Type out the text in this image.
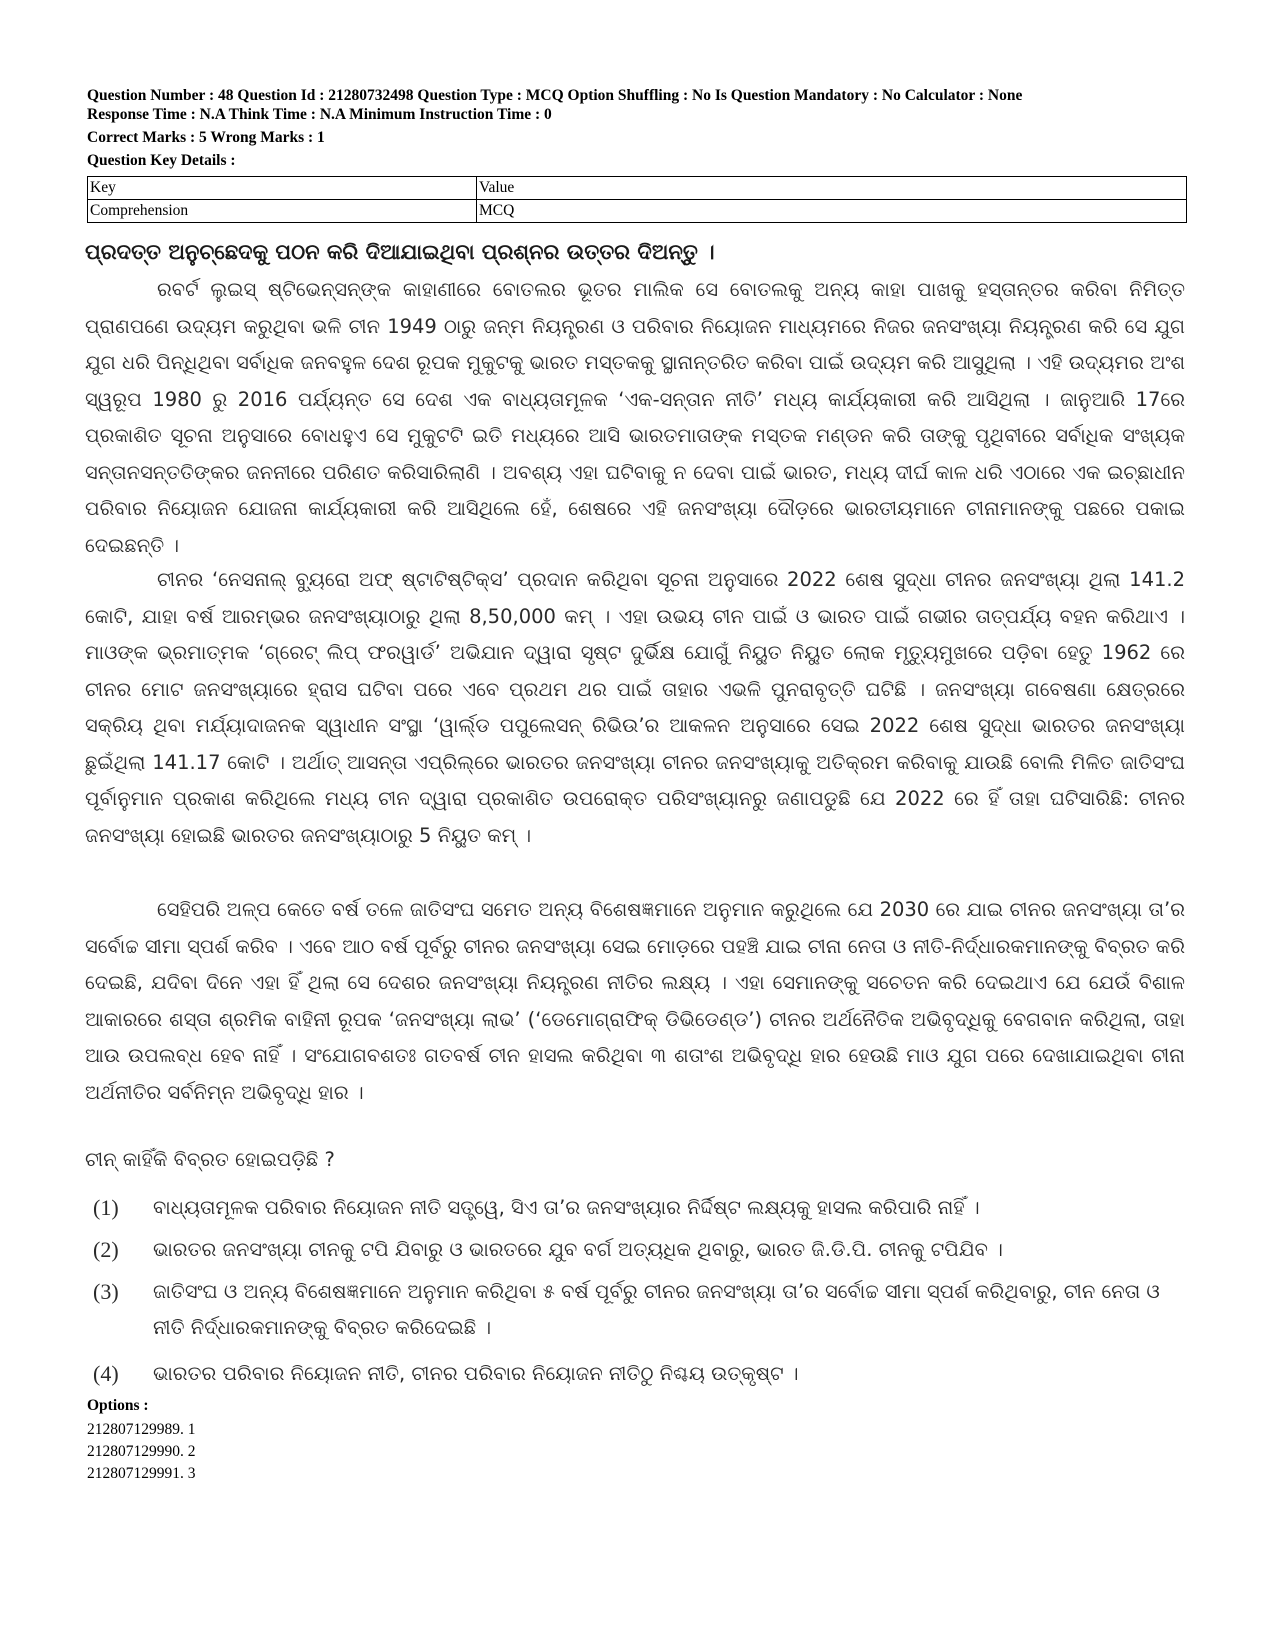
Question Number : 48 Question Id : 21280732498 Question Type : MCQ Option Shuffling : No Is Question Mandatory : No Calculator : None
Response Time : N.A Think Time : N.A Minimum Instruction Time : 0
Correct Marks : 5 Wrong Marks : 1
Question Key Details :
Key	Value
Comprehension	MCQ
ପ୍ରଦତ୍ତ ଅନୁଚ୍ଛେଦକୁ ପଠନ କରି ଦିଆଯାଇଥିବା ପ୍ରଶ୍ନର ଉତ୍ତର ଦିଅନ୍ତୁ ।
ରବର୍ଟ ଲୁଇସ୍ ଷ୍ଟିଭେନ୍‌ସନ୍‌ଙ୍କ କାହାଣୀରେ ବୋତଲର ଭୂତର ମାଲିକ ସେ ବୋତଲକୁ ଅନ୍ୟ କାହା ପାଖକୁ ହସ୍ତାନ୍ତର କରିବା ନିମିତ୍ତ ପ୍ରାଣପଣେ ଉଦ୍ୟମ କରୁଥିବା ଭଳି ଚୀନ 1949 ଠାରୁ ଜନ୍ମ ନିୟନ୍ତ୍ରଣ ଓ ପରିବାର ନିୟୋଜନ ମାଧ୍ୟମରେ ନିଜର ଜନସଂଖ୍ୟା ନିୟନ୍ତ୍ରଣ କରି ସେ ଯୁଗ ଯୁଗ ଧରି ପିନ୍ଧିଥିବା ସର୍ବାଧିକ ଜନବହୁଳ ଦେଶ ରୂପକ ମୁକୁଟକୁ ଭାରତ ମସ୍ତକକୁ ସ୍ଥାନାନ୍ତରିତ କରିବା ପାଇଁ ଉଦ୍ୟମ କରି ଆସୁଥିଲା । ଏହି ଉଦ୍ୟମର ଅଂଶ ସ୍ୱରୂପ 1980 ରୁ 2016 ପର୍ଯ୍ୟନ୍ତ ସେ ଦେଶ ଏକ ବାଧ୍ୟତାମୂଳକ ‘ଏକ-ସନ୍ତାନ ନୀତି’ ମଧ୍ୟ କାର୍ଯ୍ୟକାରୀ କରି ଆସିଥିଲା । ଜାନୁଆରି 17ରେ ପ୍ରକାଶିତ ସୂଚନା ଅନୁସାରେ ବୋଧହୁଏ ସେ ମୁକୁଟଟି ଇତି ମଧ୍ୟରେ ଆସି ଭାରତମାତାଙ୍କ ମସ୍ତକ ମଣ୍ଡନ କରି ତାଙ୍କୁ ପୃଥିବୀରେ ସର୍ବାଧିକ ସଂଖ୍ୟକ ସନ୍ତାନସନ୍ତତିଙ୍କର ଜନନୀରେ ପରିଣତ କରିସାରିଲାଣି । ଅବଶ୍ୟ ଏହା ଘଟିବାକୁ ନ ଦେବା ପାଇଁ ଭାରତ, ମଧ୍ୟ ଦୀର୍ଘ କାଳ ଧରି ଏଠାରେ ଏକ ଇଚ୍ଛାଧୀନ ପରିବାର ନିୟୋଜନ ଯୋଜନା କାର୍ଯ୍ୟକାରୀ କରି ଆସିଥିଲେ ହେଁ, ଶେଷରେ ଏହି ଜନସଂଖ୍ୟା ଦୌଡ଼ରେ ଭାରତୀୟମାନେ ଚୀନାମାନଙ୍କୁ ପଛରେ ପକାଇ ଦେଇଛନ୍ତି ।
ଚୀନର ‘ନେସନାଲ୍ ବ୍ୟୁରୋ ଅଫ୍ ଷ୍ଟାଟିଷ୍ଟିକ୍ସ’ ପ୍ରଦାନ କରିଥିବା ସୂଚନା ଅନୁସାରେ 2022 ଶେଷ ସୁଦ୍ଧା ଚୀନର ଜନସଂଖ୍ୟା ଥିଲା 141.2 କୋଟି, ଯାହା ବର୍ଷ ଆରମ୍ଭର ଜନସଂଖ୍ୟାଠାରୁ ଥିଲା 8,50,000 କମ୍ । ଏହା ଉଭୟ ଚୀନ ପାଇଁ ଓ ଭାରତ ପାଇଁ ଗଭୀର ତାତ୍ପର୍ଯ୍ୟ ବହନ କରିଥାଏ । ମାଓଙ୍କ ଭ୍ରମାତ୍ମକ ‘ଗ୍ରେଟ୍ ଲିପ୍ ଫରୱାର୍ଡ’ ଅଭିଯାନ ଦ୍ୱାରା ସୃଷ୍ଟ ଦୁର୍ଭିକ୍ଷ ଯୋଗୁଁ ନିୟୁତ ନିୟୁତ ଲୋକ ମୃତ୍ୟୁମୁଖରେ ପଡ଼ିବା ହେତୁ 1962 ରେ ଚୀନର ମୋଟ ଜନସଂଖ୍ୟାରେ ହ୍ରାସ ଘଟିବା ପରେ ଏବେ ପ୍ରଥମ ଥର ପାଇଁ ତାହାର ଏଭଳି ପୁନରାବୃତ୍ତି ଘଟିଛି । ଜନସଂଖ୍ୟା ଗବେଷଣା କ୍ଷେତ୍ରରେ ସକ୍ରିୟ ଥିବା ମର୍ଯ୍ୟାଦାଜନକ ସ୍ୱାଧୀନ ସଂସ୍ଥା ‘ୱାର୍ଲ୍ଡ ପପୁଲେସନ୍ ରିଭିଉ’ର ଆକଳନ ଅନୁସାରେ ସେଇ 2022 ଶେଷ ସୁଦ୍ଧା ଭାରତର ଜନସଂଖ୍ୟା ଛୁଇଁଥିଲା 141.17 କୋଟି । ଅର୍ଥାତ୍ ଆସନ୍ତା ଏପ୍ରିଲ୍‌ରେ ଭାରତର ଜନସଂଖ୍ୟା ଚୀନର ଜନସଂଖ୍ୟାକୁ ଅତିକ୍ରମ କରିବାକୁ ଯାଉଛି ବୋଲି ମିଳିତ ଜାତିସଂଘ ପୂର୍ବାନୁମାନ ପ୍ରକାଶ କରିଥିଲେ ମଧ୍ୟ ଚୀନ ଦ୍ୱାରା ପ୍ରକାଶିତ ଉପରୋକ୍ତ ପରିସଂଖ୍ୟାନରୁ ଜଣାପଡୁଛି ଯେ 2022 ରେ ହିଁ ତାହା ଘଟିସାରିଛି: ଚୀନର ଜନସଂଖ୍ୟା ହୋଇଛି ଭାରତର ଜନସଂଖ୍ୟାଠାରୁ 5 ନିୟୁତ କମ୍ ।
ସେହିପରି ଅଳ୍ପ କେତେ ବର୍ଷ ତଳେ ଜାତିସଂଘ ସମେତ ଅନ୍ୟ ବିଶେଷଜ୍ଞମାନେ ଅନୁମାନ କରୁଥିଲେ ଯେ 2030 ରେ ଯାଇ ଚୀନର ଜନସଂଖ୍ୟା ତା’ର ସର୍ବୋଚ୍ଚ ସୀମା ସ୍ପର୍ଶ କରିବ । ଏବେ ଆଠ ବର୍ଷ ପୂର୍ବରୁ ଚୀନର ଜନସଂଖ୍ୟା ସେଇ ମୋଡ଼ରେ ପହଞ୍ଚି ଯାଇ ଚୀନା ନେତା ଓ ନୀତି-ନିର୍ଦ୍ଧାରକମାନଙ୍କୁ ବିବ୍ରତ କରି ଦେଇଛି, ଯଦିବା ଦିନେ ଏହା ହିଁ ଥିଲା ସେ ଦେଶର ଜନସଂଖ୍ୟା ନିୟନ୍ତ୍ରଣ ନୀତିର ଲକ୍ଷ୍ୟ । ଏହା ସେମାନଙ୍କୁ ସଚେତନ କରି ଦେଇଥାଏ ଯେ ଯେଉଁ ବିଶାଳ ଆକାରରେ ଶସ୍ତା ଶ୍ରମିକ ବାହିନୀ ରୂପକ ‘ଜନସଂଖ୍ୟା ଲାଭ’ (‘ଡେମୋଗ୍ରାଫିକ୍ ଡିଭିଡେଣ୍ଡ’) ଚୀନର ଅର୍ଥନୈତିକ ଅଭିବୃଦ୍ଧିକୁ ବେଗବାନ କରିଥିଲା, ତାହା ଆଉ ଉପଲବ୍ଧ ହେବ ନାହିଁ । ସଂଯୋଗବଶତଃ ଗତବର୍ଷ ଚୀନ ହାସଲ କରିଥିବା ୩ ଶତାଂଶ ଅଭିବୃଦ୍ଧି ହାର ହେଉଛି ମାଓ ଯୁଗ ପରେ ଦେଖାଯାଇଥିବା ଚୀନା ଅର୍ଥନୀତିର ସର୍ବନିମ୍ନ ଅଭିବୃଦ୍ଧି ହାର ।
ଚୀନ୍ କାହିଁକି ବିବ୍ରତ ହୋଇପଡ଼ିଛି ?
(1) ବାଧ୍ୟତାମୂଳକ ପରିବାର ନିୟୋଜନ ନୀତି ସତ୍ତ୍ୱେ, ସିଏ ତା’ର ଜନସଂଖ୍ୟାର ନିର୍ଦ୍ଦିଷ୍ଟ ଲକ୍ଷ୍ୟକୁ ହାସଲ କରିପାରି ନାହିଁ ।
(2) ଭାରତର ଜନସଂଖ୍ୟା ଚୀନକୁ ଟପି ଯିବାରୁ ଓ ଭାରତରେ ଯୁବ ବର୍ଗ ଅତ୍ୟଧିକ ଥିବାରୁ, ଭାରତ ଜି.ଡି.ପି. ଚୀନକୁ ଟପିଯିବ ।
(3) ଜାତିସଂଘ ଓ ଅନ୍ୟ ବିଶେଷଜ୍ଞମାନେ ଅନୁମାନ କରିଥିବା ୫ ବର୍ଷ ପୂର୍ବରୁ ଚୀନର ଜନସଂଖ୍ୟା ତା’ର ସର୍ବୋଚ୍ଚ ସୀମା ସ୍ପର୍ଶ କରିଥିବାରୁ, ଚୀନ ନେତା ଓ ନୀତି ନିର୍ଦ୍ଧାରକମାନଙ୍କୁ ବିବ୍ରତ କରିଦେଇଛି ।
(4) ଭାରତର ପରିବାର ନିୟୋଜନ ନୀତି, ଚୀନର ପରିବାର ନିୟୋଜନ ନୀତିଠୁ ନିଶ୍ଚୟ ଉତ୍କୃଷ୍ଟ ।
Options :
212807129989. 1
212807129990. 2
212807129991. 3
